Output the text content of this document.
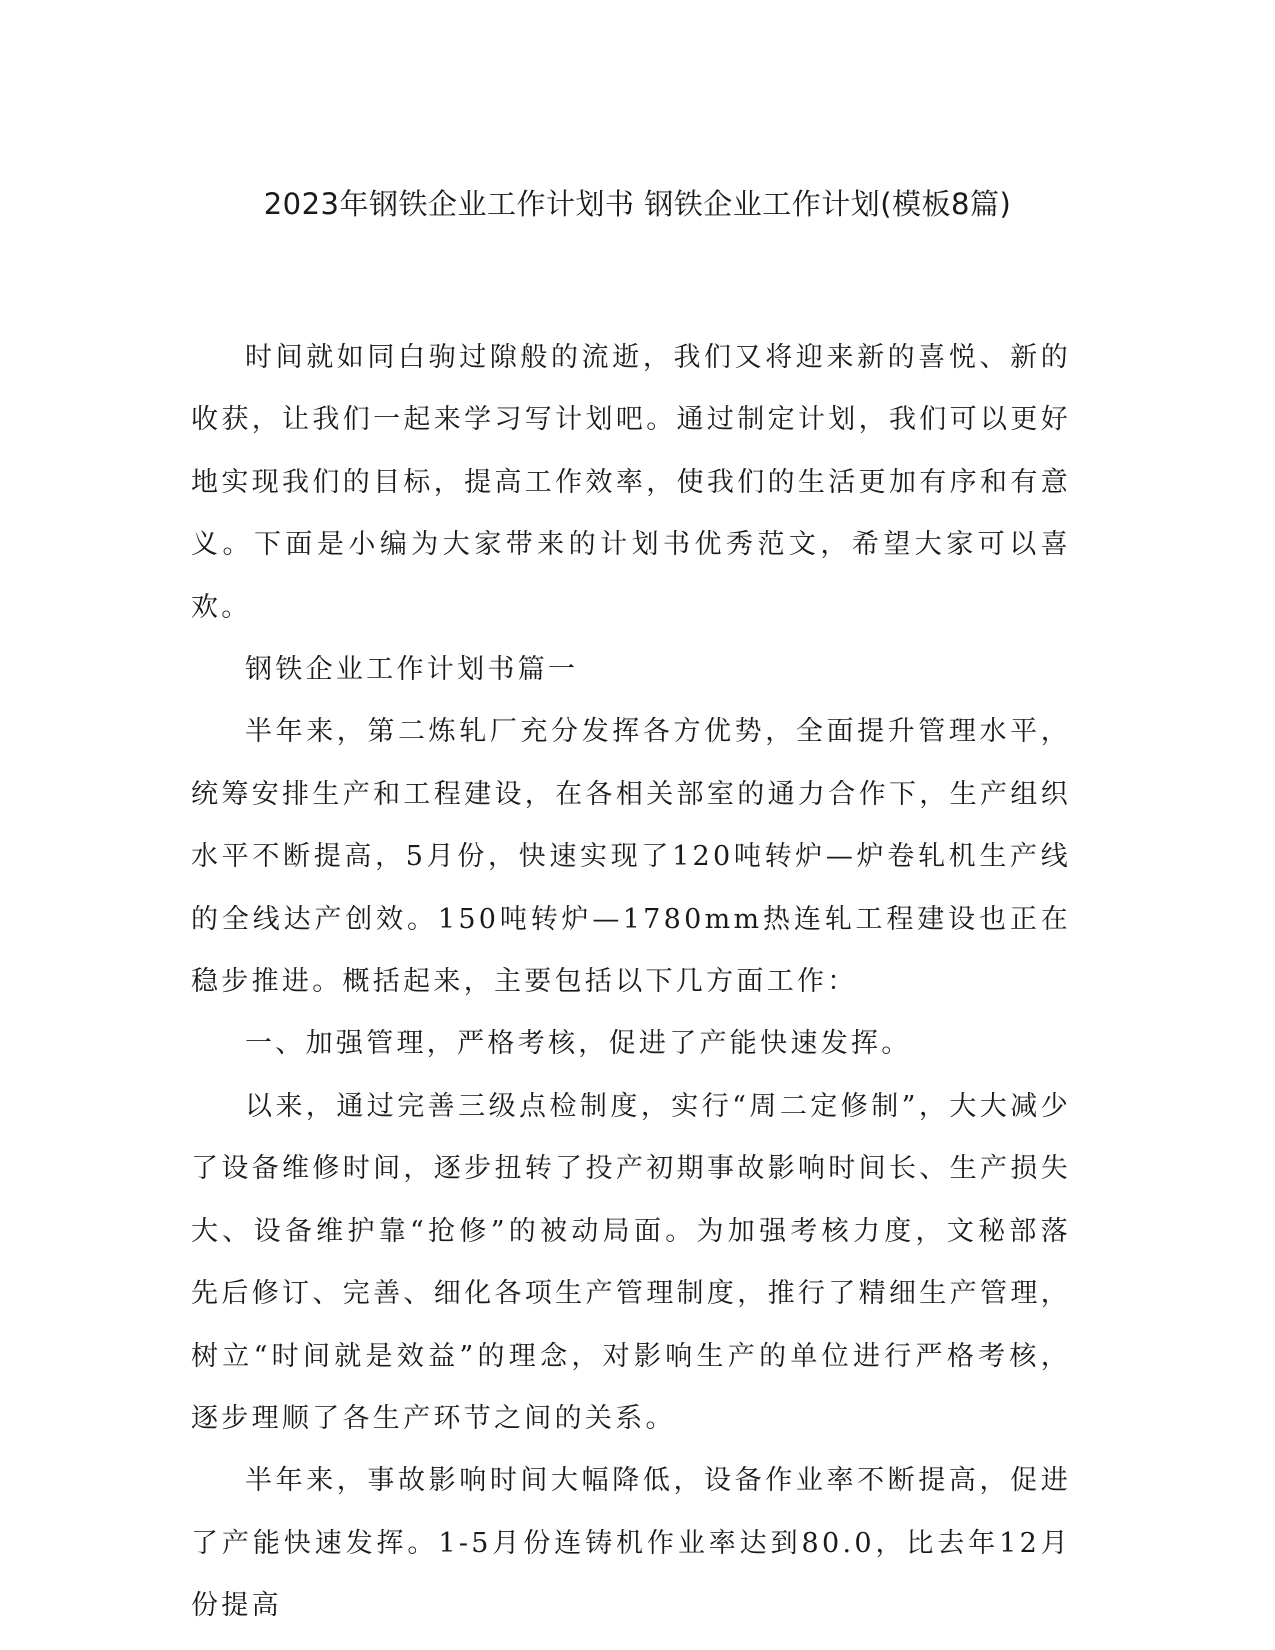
2023年钢铁企业工作计划书 钢铁企业工作计划(模板8篇)

时间就如同白驹过隙般的流逝，我们又将迎来新的喜悦、新的收获，让我们一起来学习写计划吧。通过制定计划，我们可以更好地实现我们的目标，提高工作效率，使我们的生活更加有序和有意义。下面是小编为大家带来的计划书优秀范文，希望大家可以喜欢。

钢铁企业工作计划书篇一

半年来，第二炼轧厂充分发挥各方优势，全面提升管理水平，统筹安排生产和工程建设，在各相关部室的通力合作下，生产组织水平不断提高，5月份，快速实现了120吨转炉—炉卷轧机生产线的全线达产创效。150吨转炉—1780mm热连轧工程建设也正在稳步推进。概括起来，主要包括以下几方面工作：

一、加强管理，严格考核，促进了产能快速发挥。

以来，通过完善三级点检制度，实行“周二定修制”，大大减少了设备维修时间，逐步扭转了投产初期事故影响时间长、生产损失大、设备维护靠“抢修”的被动局面。为加强考核力度，文秘部落先后修订、完善、细化各项生产管理制度，推行了精细生产管理，树立“时间就是效益”的理念，对影响生产的单位进行严格考核，逐步理顺了各生产环节之间的关系。

半年来，事故影响时间大幅降低，设备作业率不断提高，促进了产能快速发挥。1-5月份连铸机作业率达到80.0，比去年12月份提高
